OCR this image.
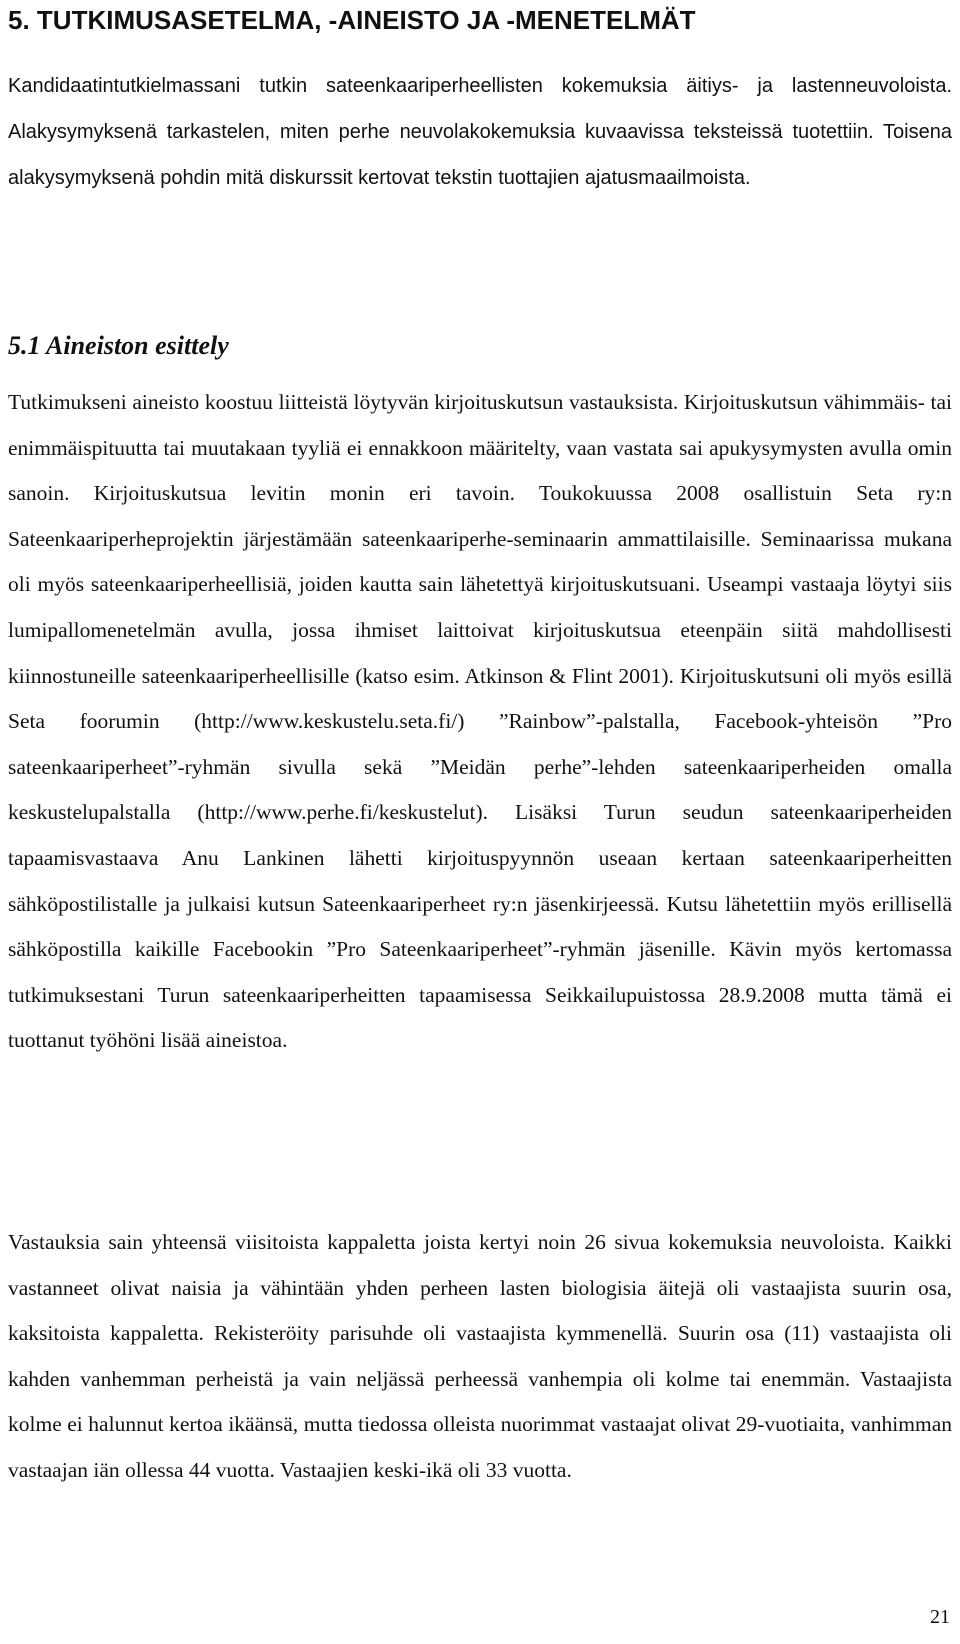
5. TUTKIMUSASETELMA, -AINEISTO JA -MENETELMÄT

Kandidaatintutkielmassani tutkin sateenkaariperheellisten kokemuksia äitiys- ja lastenneuvoloista. Alakysymyksenä tarkastelen, miten perhe neuvolakokemuksia kuvaavissa teksteissä tuotettiin. Toisena alakysymyksenä pohdin mitä diskurssit kertovat tekstin tuottajien ajatusmaailmoista.

5.1 Aineiston esittely

Tutkimukseni aineisto koostuu liitteistä löytyvän kirjoituskutsun vastauksista. Kirjoituskutsun vähimmäis- tai enimmäispituutta tai muutakaan tyyliä ei ennakkoon määritelty, vaan vastata sai apukysymysten avulla omin sanoin. Kirjoituskutsua levitin monin eri tavoin. Toukokuussa 2008 osallistuin Seta ry:n Sateenkaariperheprojektin järjestämään sateenkaariperhe-seminaarin ammattilaisille. Seminaarissa mukana oli myös sateenkaariperheellisiä, joiden kautta sain lähetettyä kirjoituskutsuani. Useampi vastaaja löytyi siis lumipallomenetelmän avulla, jossa ihmiset laittoivat kirjoituskutsua eteenpäin siitä mahdollisesti kiinnostuneille sateenkaariperheellisille (katso esim. Atkinson & Flint 2001). Kirjoituskutsuni oli myös esillä Seta foorumin (http://www.keskustelu.seta.fi/) ”Rainbow”-palstalla, Facebook-yhteisön ”Pro sateenkaariperheet”-ryhmän sivulla sekä ”Meidän perhe”-lehden sateenkaariperheiden omalla keskustelupalstalla (http://www.perhe.fi/keskustelut). Lisäksi Turun seudun sateenkaariperheiden tapaamisvastaava Anu Lankinen lähetti kirjoituspyynnön useaan kertaan sateenkaariperheitten sähköpostilistalle ja julkaisi kutsun Sateenkaariperheet ry:n jäsenkirjeessä. Kutsu lähetettiin myös erillisellä sähköpostilla kaikille Facebookin ”Pro Sateenkaariperheet”-ryhmän jäsenille. Kävin myös kertomassa tutkimuksestani Turun sateenkaariperheitten tapaamisessa Seikkailupuistossa 28.9.2008 mutta tämä ei tuottanut työhöni lisää aineistoa.

Vastauksia sain yhteensä viisitoista kappaletta joista kertyi noin 26 sivua kokemuksia neuvoloista. Kaikki vastanneet olivat naisia ja vähintään yhden perheen lasten biologisia äitejä oli vastaajista suurin osa, kaksitoista kappaletta. Rekisteröity parisuhde oli vastaajista kymmenellä. Suurin osa (11) vastaajista oli kahden vanhemman perheistä ja vain neljässä perheessä vanhempia oli kolme tai enemmän. Vastaajista kolme ei halunnut kertoa ikäänsä, mutta tiedossa olleista nuorimmat vastaajat olivat 29-vuotiaita, vanhimman vastaajan iän ollessa 44 vuotta. Vastaajien keski-ikä oli 33 vuotta.

21
